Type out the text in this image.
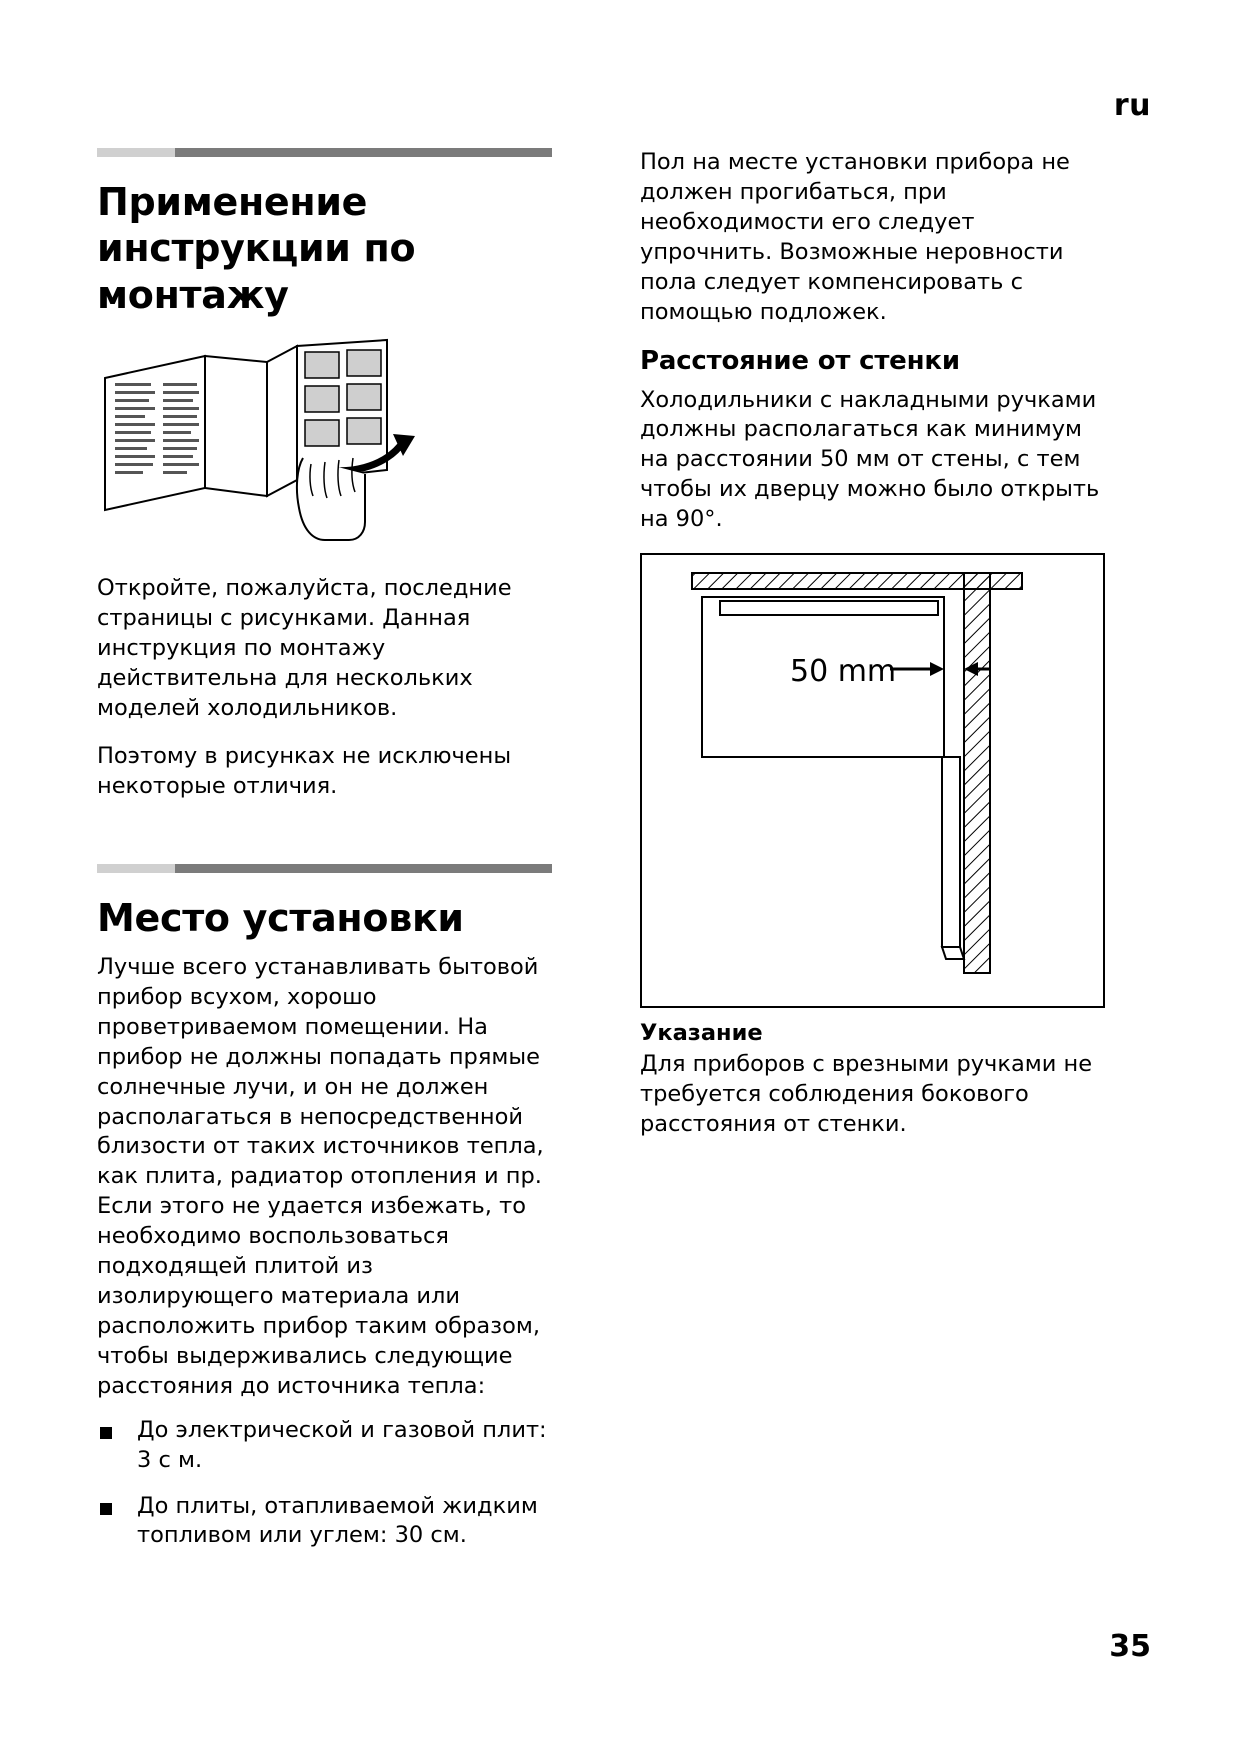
ru
Применение инструкции по монтажу

Откройте, пожалуйста, последние страницы с рисунками. Данная инструкция по монтажу действительна для нескольких моделей холодильников.

Поэтому в рисунках не исключены некоторые отличия.

Место установки

Лучше всего устанавливать бытовой прибор всухом, хорошо проветриваемом помещении. На прибор не должны попадать прямые солнечные лучи, и он не должен располагаться в непосредственной близости от таких источников тепла, как плита, радиатор отопления и пр. Если этого не удается избежать, то необходимо воспользоваться подходящей плитой из изолирующего материала или расположить прибор таким образом, чтобы выдерживались следующие расстояния до источника тепла:

До электрической и газовой плит: 3 с м.
До плиты, отапливаемой жидким топливом или углем: 30 см.

Пол на месте установки прибора не должен прогибаться, при необходимости его следует упрочнить. Возможные неровности пола следует компенсировать с помощью подложек.

Расстояние от стенки

Холодильники с накладными ручками должны располагаться как минимум на расстоянии 50 мм от стены, с тем чтобы их дверцу можно было открыть на 90°.

50 mm
Указание

Для приборов с врезными ручками не требуется соблюдения бокового расстояния от стенки.

35
